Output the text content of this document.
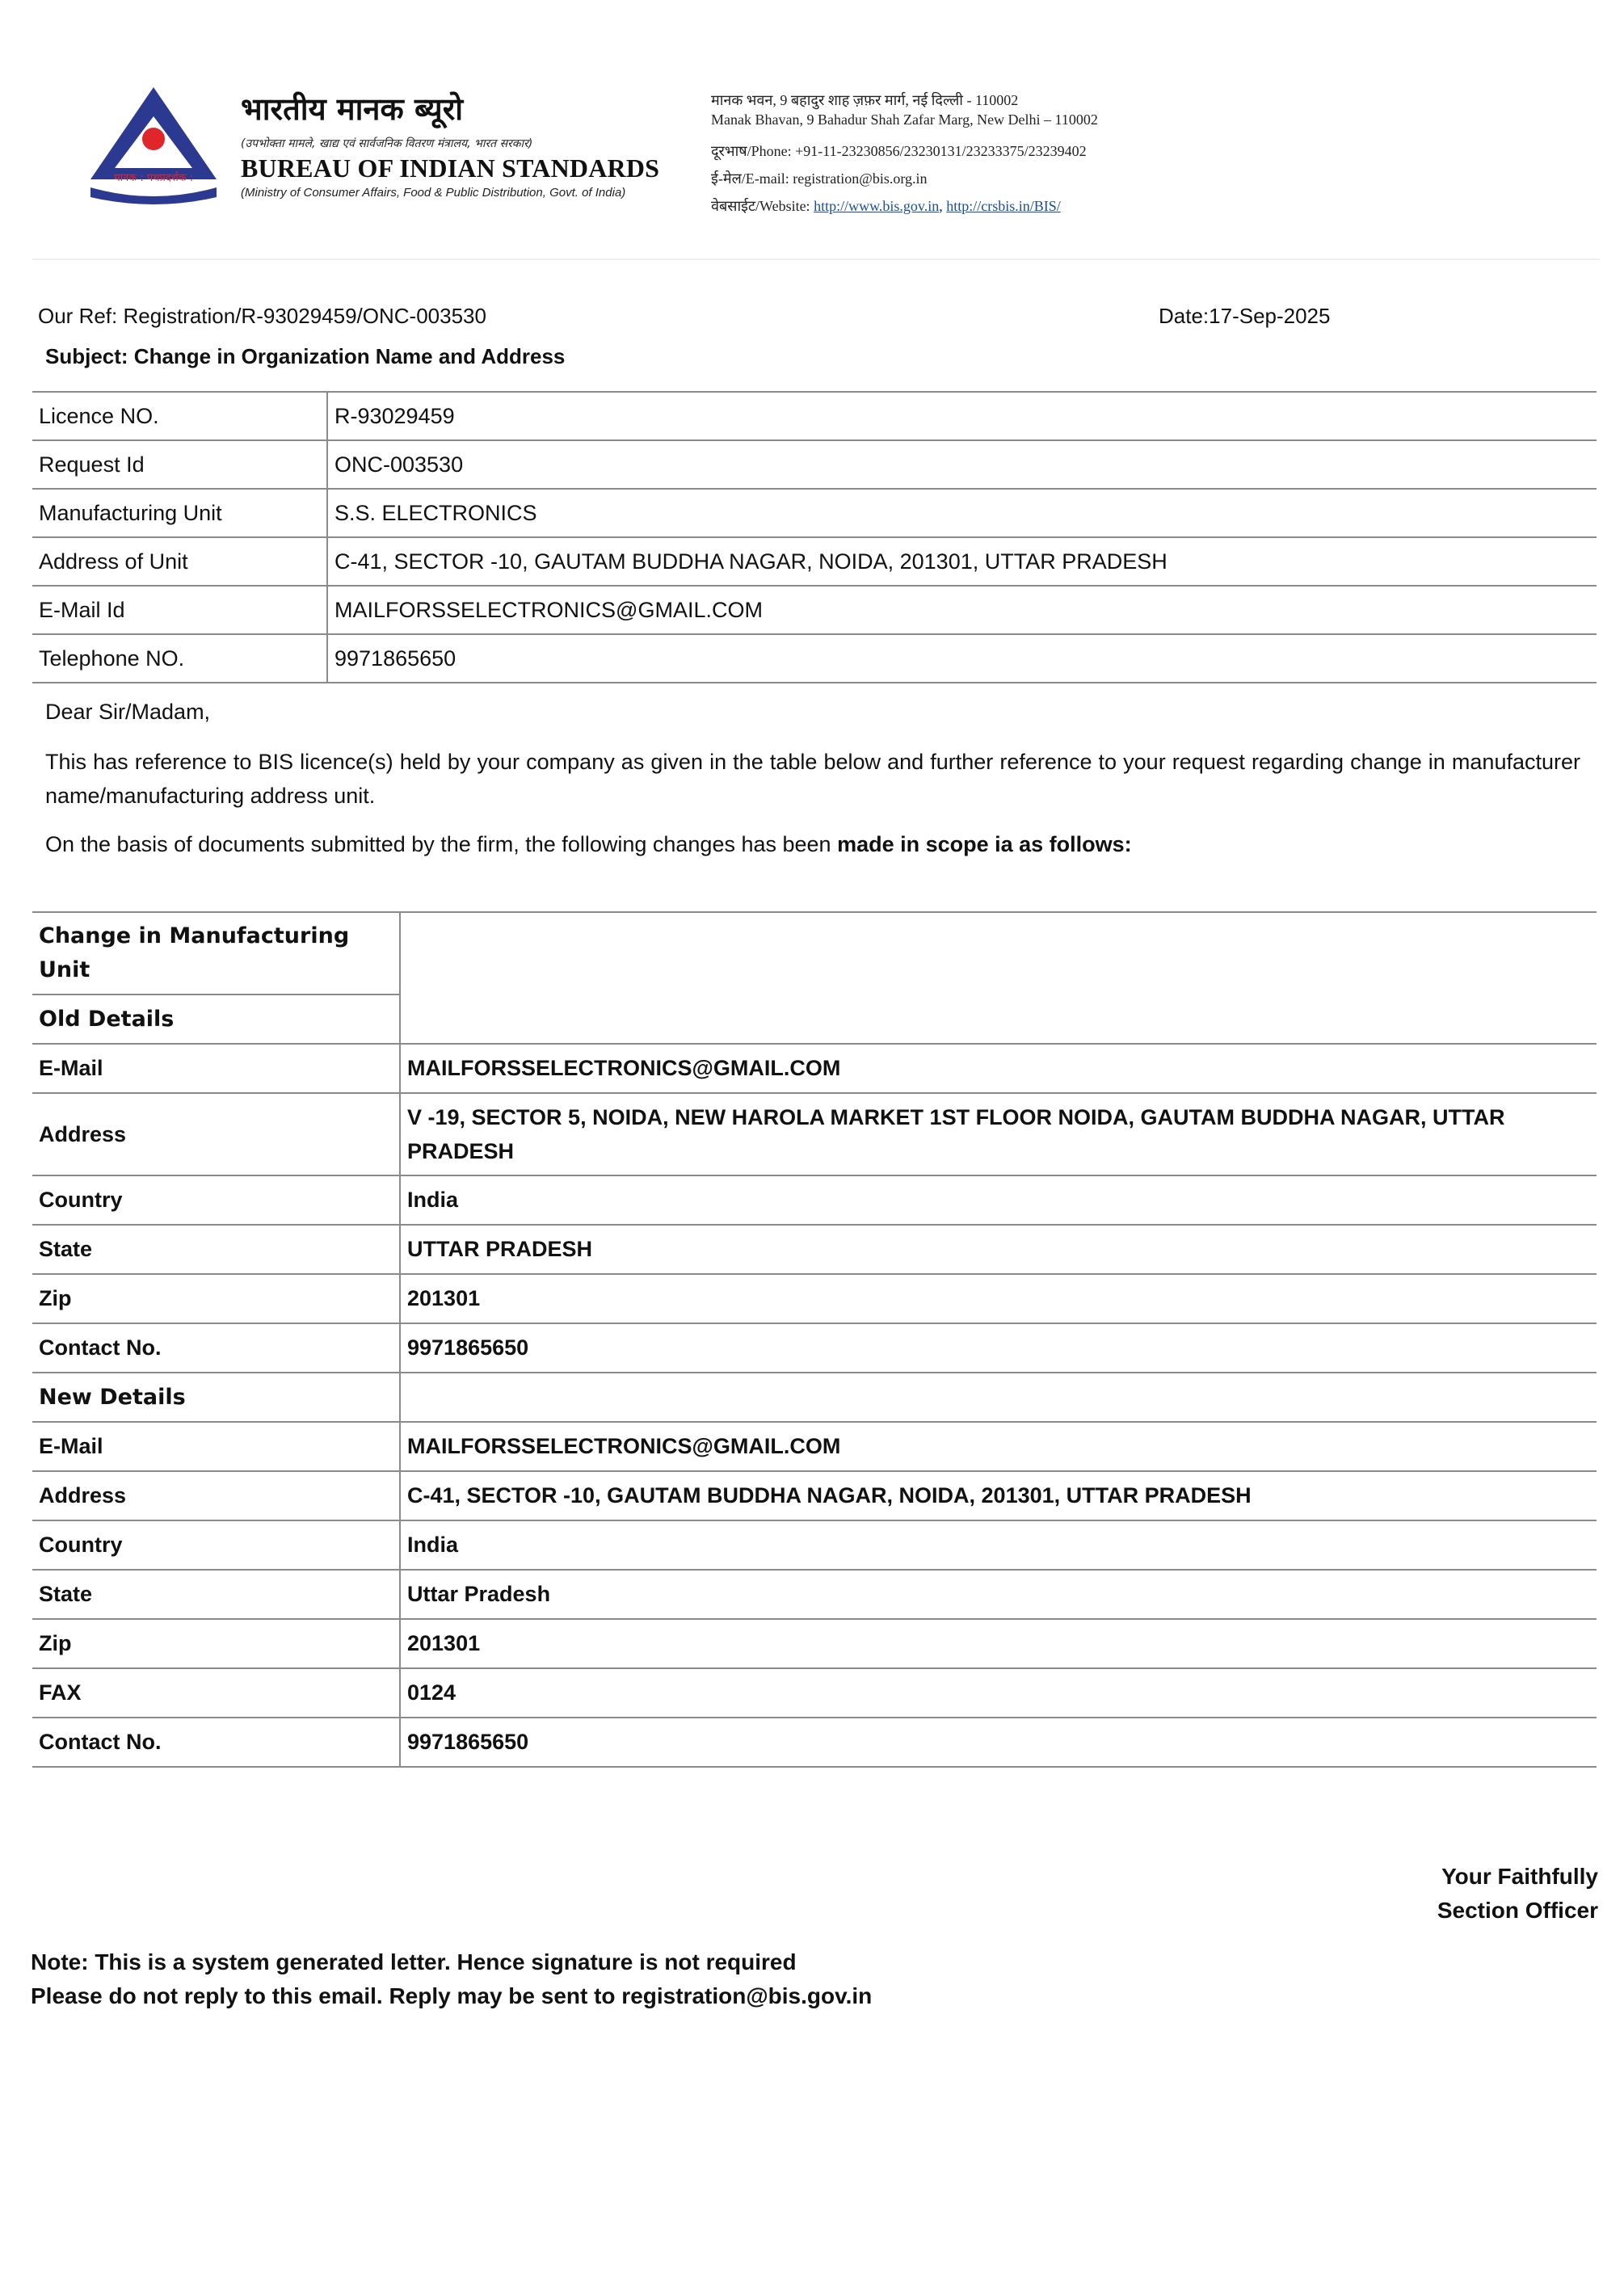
मानक : पथप्रदर्शक :
भारतीय मानक ब्यूरो
(उपभोक्ता मामले, खाद्य एवं सार्वजनिक वितरण मंत्रालय, भारत सरकार)
BUREAU OF INDIAN STANDARDS
(Ministry of Consumer Affairs, Food & Public Distribution, Govt. of India)
मानक भवन, 9 बहादुर शाह ज़फ़र मार्ग, नई दिल्ली - 110002
Manak Bhavan, 9 Bahadur Shah Zafar Marg, New Delhi – 110002
दूरभाष/Phone: +91-11-23230856/23230131/23233375/23239402
ई-मेल/E-mail: registration@bis.org.in
वेबसाईट/Website: http://www.bis.gov.in, http://crsbis.in/BIS/
Our Ref: Registration/R-93029459/ONC-003530	Date:17-Sep-2025
Subject: Change in Organization Name and Address
Licence NO.	R-93029459
Request Id	ONC-003530
Manufacturing Unit	S.S. ELECTRONICS
Address of Unit	C-41, SECTOR -10, GAUTAM BUDDHA NAGAR, NOIDA, 201301, UTTAR PRADESH
E-Mail Id	MAILFORSSELECTRONICS@GMAIL.COM
Telephone NO.	9971865650
Dear Sir/Madam,
This has reference to BIS licence(s) held by your company as given in the table below and further reference to your request regarding change in manufacturer name/manufacturing address unit.
On the basis of documents submitted by the firm, the following changes has been made in scope ia as follows:
Change in Manufacturing Unit	
Old Details	
E-Mail	MAILFORSSELECTRONICS@GMAIL.COM
Address	V -19, SECTOR 5, NOIDA, NEW HAROLA MARKET 1ST FLOOR NOIDA, GAUTAM BUDDHA NAGAR, UTTAR PRADESH
Country	India
State	UTTAR PRADESH
Zip	201301
Contact No.	9971865650
New Details	
E-Mail	MAILFORSSELECTRONICS@GMAIL.COM
Address	C-41, SECTOR -10, GAUTAM BUDDHA NAGAR, NOIDA, 201301, UTTAR PRADESH
Country	India
State	Uttar Pradesh
Zip	201301
FAX	0124
Contact No.	9971865650
Your Faithfully
Section Officer
Note: This is a system generated letter. Hence signature is not required
Please do not reply to this email. Reply may be sent to registration@bis.gov.in
